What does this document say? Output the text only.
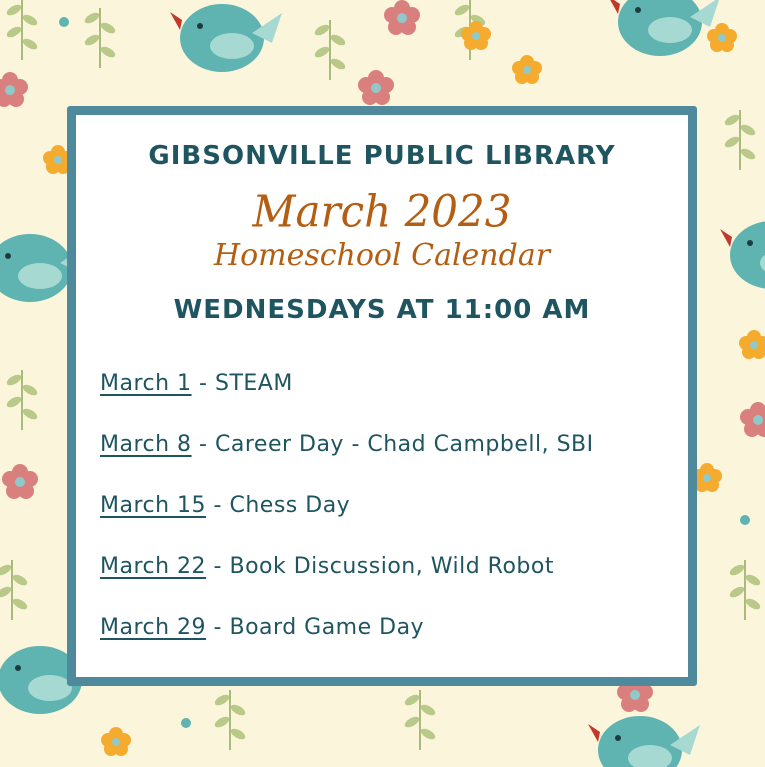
GIBSONVILLE PUBLIC LIBRARY
March 2023
Homeschool Calendar
WEDNESDAYS AT 11:00 AM
March 1 - STEAM
March 8 - Career Day - Chad Campbell, SBI
March 15 - Chess Day
March 22 - Book Discussion, Wild Robot
March 29 - Board Game Day
